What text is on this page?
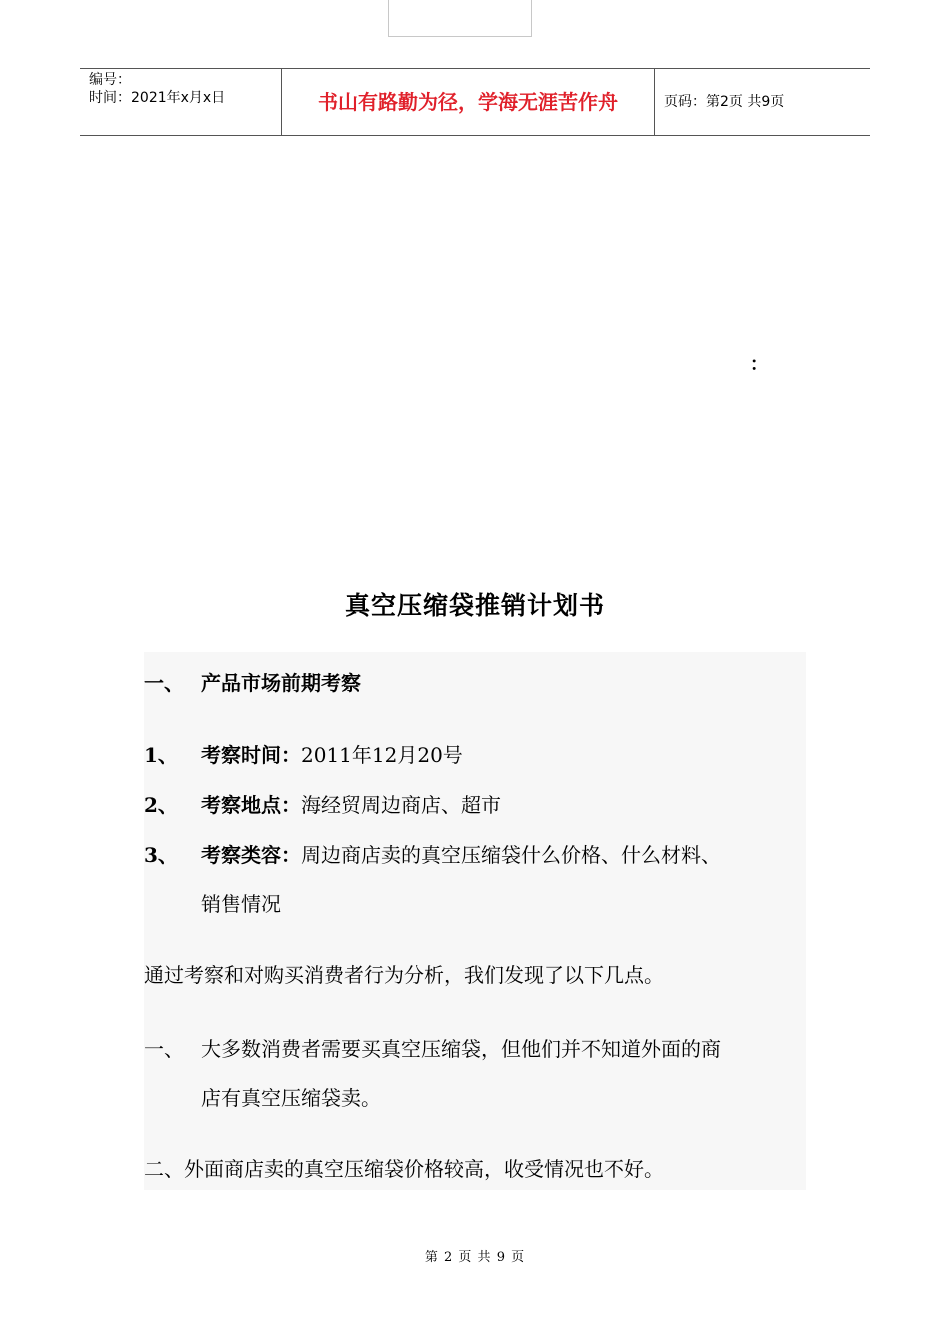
编号：
时间：2021年x月x日	书山有路勤为径，学海无涯苦作舟	页码：第2页 共9页
：
真空压缩袋推销计划书
一、 产品市场前期考察
1、 考察时间：2011年12月20号
2、 考察地点：海经贸周边商店、超市
3、 考察类容：周边商店卖的真空压缩袋什么价格、什么材料、
销售情况
通过考察和对购买消费者行为分析，我们发现了以下几点。
一、 大多数消费者需要买真空压缩袋，但他们并不知道外面的商
店有真空压缩袋卖。
二、外面商店卖的真空压缩袋价格较高，收受情况也不好。
第 2 页 共 9 页
